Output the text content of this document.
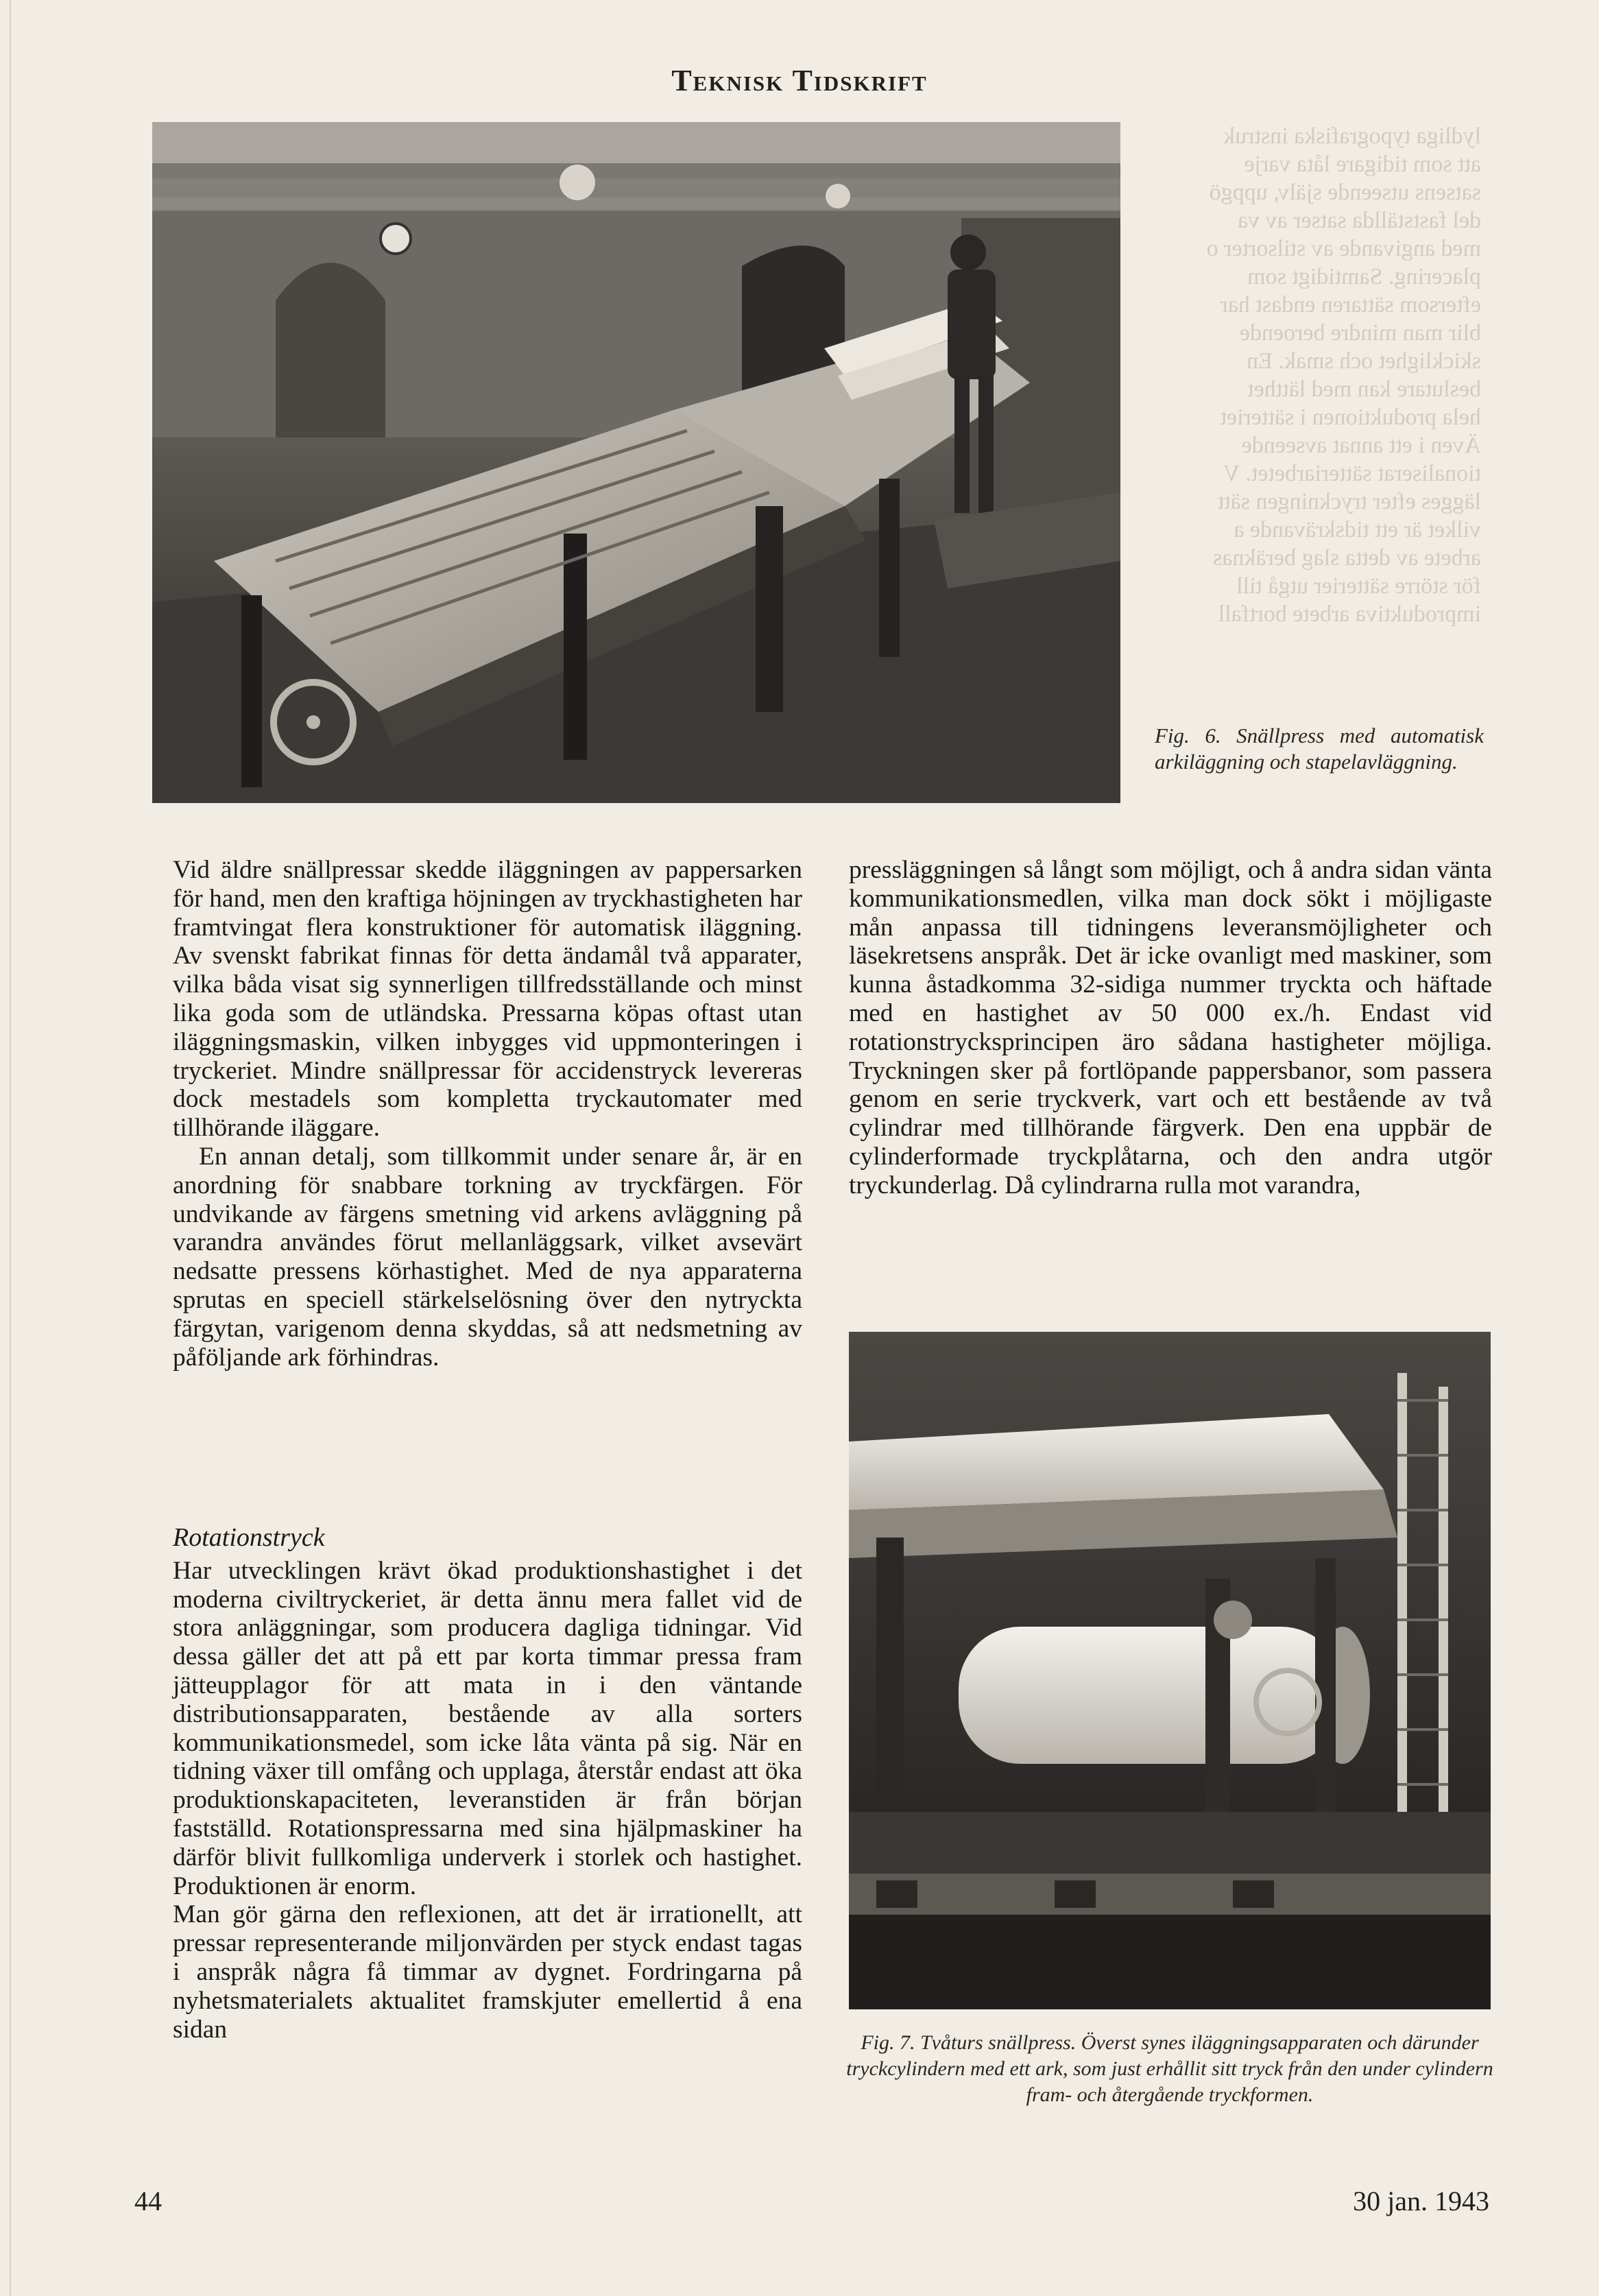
Teknisk Tidskrift
lydliga typografiska instruk
att som tidigare låta varje
satsens utseende själv, uppgö
del fastställda satser av va
med angivande av stilsorter o
placering. Samtidigt som
eftersom sättaren endast har
blir man mindre beroende
skicklighet och smak. En
beslutare kan med lätthet
hela produktionen i sätteriet
Även i ett annat avseende
tionaliserat sätteriarbetet. V
lägges efter tryckningen sätt
vilket är ett tidskrävande a
arbete av detta slag beräknas
för större sätterier utgå till
improduktiva arbete bortfall
Fig. 6. Snällpress med automatisk arkiläggning och stapelavläggning.

Vid äldre snällpressar skedde iläggningen av pappersarken för hand, men den kraftiga höjningen av tryckhastigheten har framtvingat flera konstruktioner för automatisk iläggning. Av svenskt fabrikat finnas för detta ändamål två apparater, vilka båda visat sig synnerligen tillfredsställande och minst lika goda som de utländska. Pressarna köpas oftast utan iläggningsmaskin, vilken inbygges vid uppmonteringen i tryckeriet. Mindre snällpressar för accidenstryck levereras dock mestadels som kompletta tryckautomater med tillhörande iläggare.

En annan detalj, som tillkommit under senare år, är en anordning för snabbare torkning av tryckfärgen. För undvikande av färgens smetning vid arkens avläggning på varandra användes förut mellanläggsark, vilket avsevärt nedsatte pressens körhastighet. Med de nya apparaterna sprutas en speciell stärkelselösning över den nytryckta färgytan, varigenom denna skyddas, så att nedsmetning av påföljande ark förhindras.

Rotationstryck

Har utvecklingen krävt ökad produktionshastighet i det moderna civiltryckeriet, är detta ännu mera fallet vid de stora anläggningar, som producera dagliga tidningar. Vid dessa gäller det att på ett par korta timmar pressa fram jätteupplagor för att mata in i den väntande distributionsapparaten, bestående av alla sorters kommunikationsmedel, som icke låta vänta på sig. När en tidning växer till omfång och upplaga, återstår endast att öka produktionskapaciteten, leveranstiden är från början fastställd. Rotationspressarna med sina hjälpmaskiner ha därför blivit fullkomliga underverk i storlek och hastighet. Produktionen är enorm.

Man gör gärna den reflexionen, att det är irrationellt, att pressar representerande miljonvärden per styck endast tagas i anspråk några få timmar av dygnet. Fordringarna på nyhetsmaterialets aktualitet framskjuter emellertid å ena sidan

pressläggningen så långt som möjligt, och å andra sidan vänta kommunikationsmedlen, vilka man dock sökt i möjligaste mån anpassa till tidningens leveransmöjligheter och läsekretsens anspråk. Det är icke ovanligt med maskiner, som kunna åstadkomma 32-sidiga nummer tryckta och häftade med en hastighet av 50 000 ex./h. Endast vid rotationstrycksprincipen äro sådana hastigheter möjliga. Tryckningen sker på fortlöpande pappersbanor, som passera genom en serie tryckverk, vart och ett bestående av två cylindrar med tillhörande färgverk. Den ena uppbär de cylinderformade tryckplåtarna, och den andra utgör tryckunderlag. Då cylindrarna rulla mot varandra,

Fig. 7. Tvåturs snällpress. Överst synes iläggningsapparaten och därunder tryckcylindern med ett ark, som just erhållit sitt tryck från den under cylindern fram- och återgående tryckformen.
44	30 jan. 1943
